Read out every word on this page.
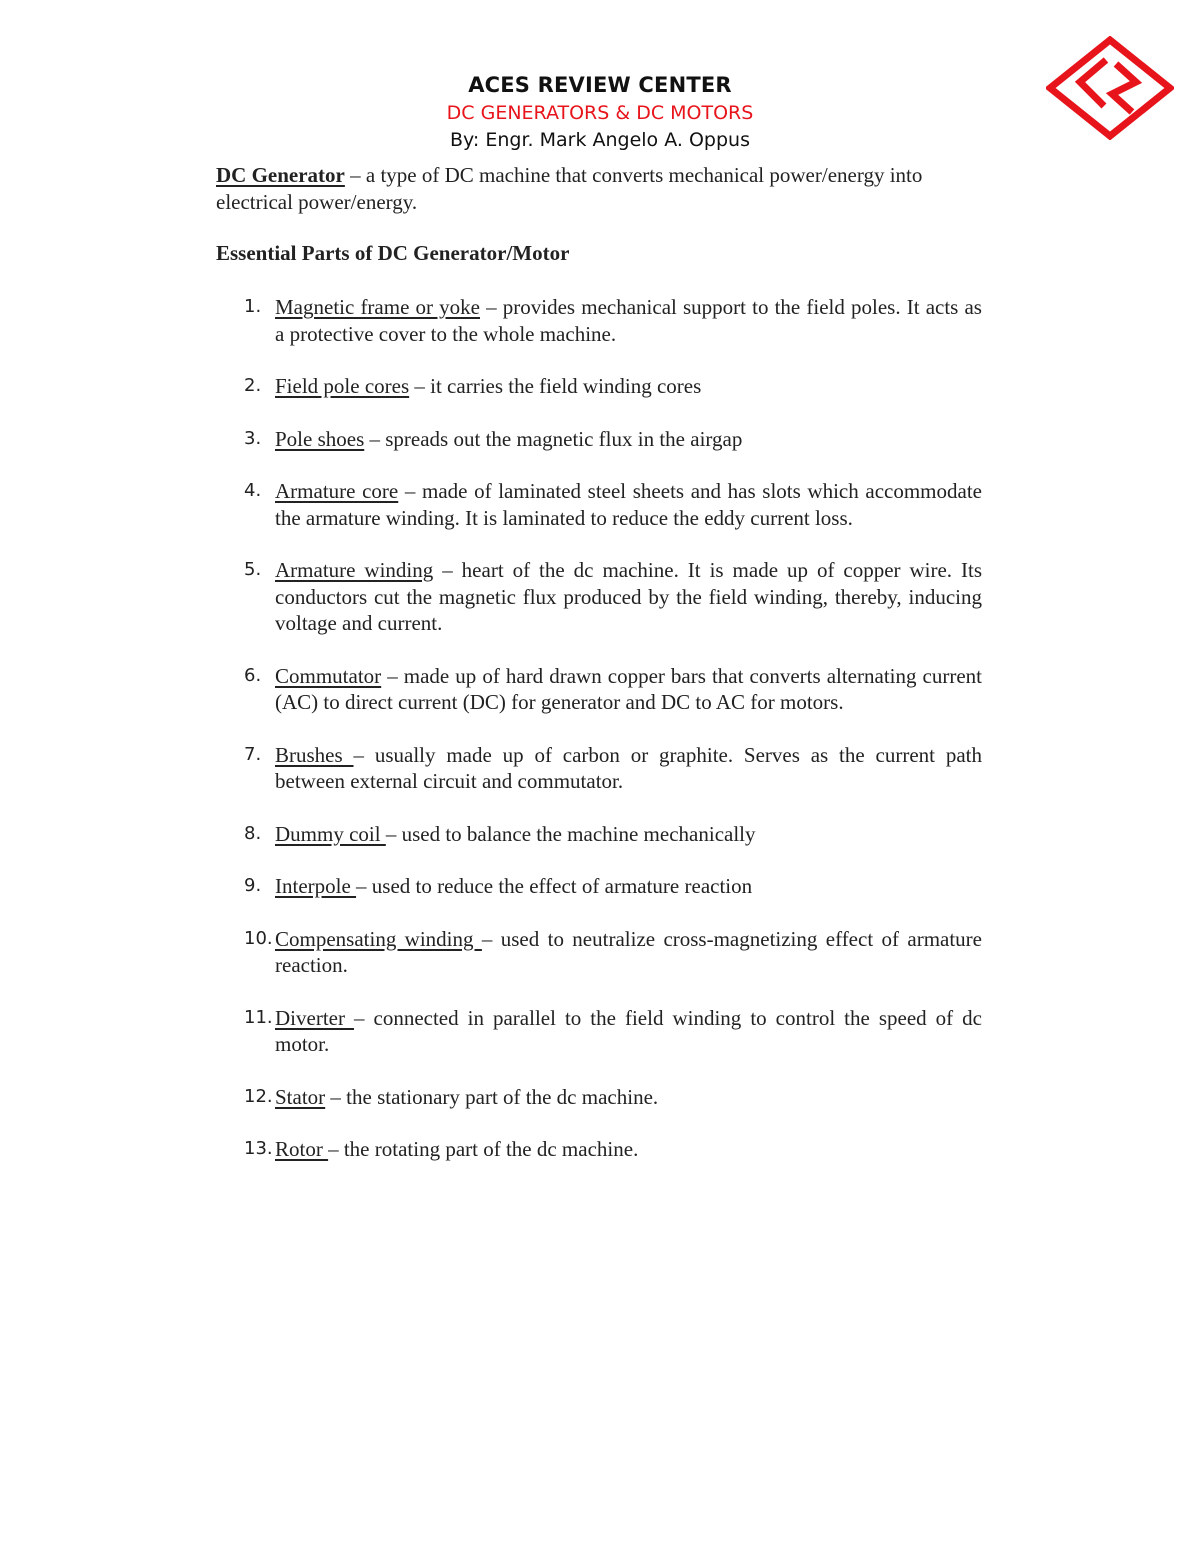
ACES REVIEW CENTER
DC GENERATORS & DC MOTORS
By: Engr. Mark Angelo A. Oppus
DC Generator – a type of DC machine that converts mechanical power/energy into electrical power/energy.
Essential Parts of DC Generator/Motor
1. Magnetic frame or yoke – provides mechanical support to the field poles. It acts as a protective cover to the whole machine.
2. Field pole cores – it carries the field winding cores
3. Pole shoes – spreads out the magnetic flux in the airgap
4. Armature core – made of laminated steel sheets and has slots which accommodate the armature winding. It is laminated to reduce the eddy current loss.
5. Armature winding – heart of the dc machine. It is made up of copper wire. Its conductors cut the magnetic flux produced by the field winding, thereby, inducing voltage and current.
6. Commutator – made up of hard drawn copper bars that converts alternating current (AC) to direct current (DC) for generator and DC to AC for motors.
7. Brushes – usually made up of carbon or graphite. Serves as the current path between external circuit and commutator.
8. Dummy coil – used to balance the machine mechanically
9. Interpole – used to reduce the effect of armature reaction
10. Compensating winding – used to neutralize cross-magnetizing effect of armature reaction.
11. Diverter – connected in parallel to the field winding to control the speed of dc motor.
12. Stator – the stationary part of the dc machine.
13. Rotor – the rotating part of the dc machine.
